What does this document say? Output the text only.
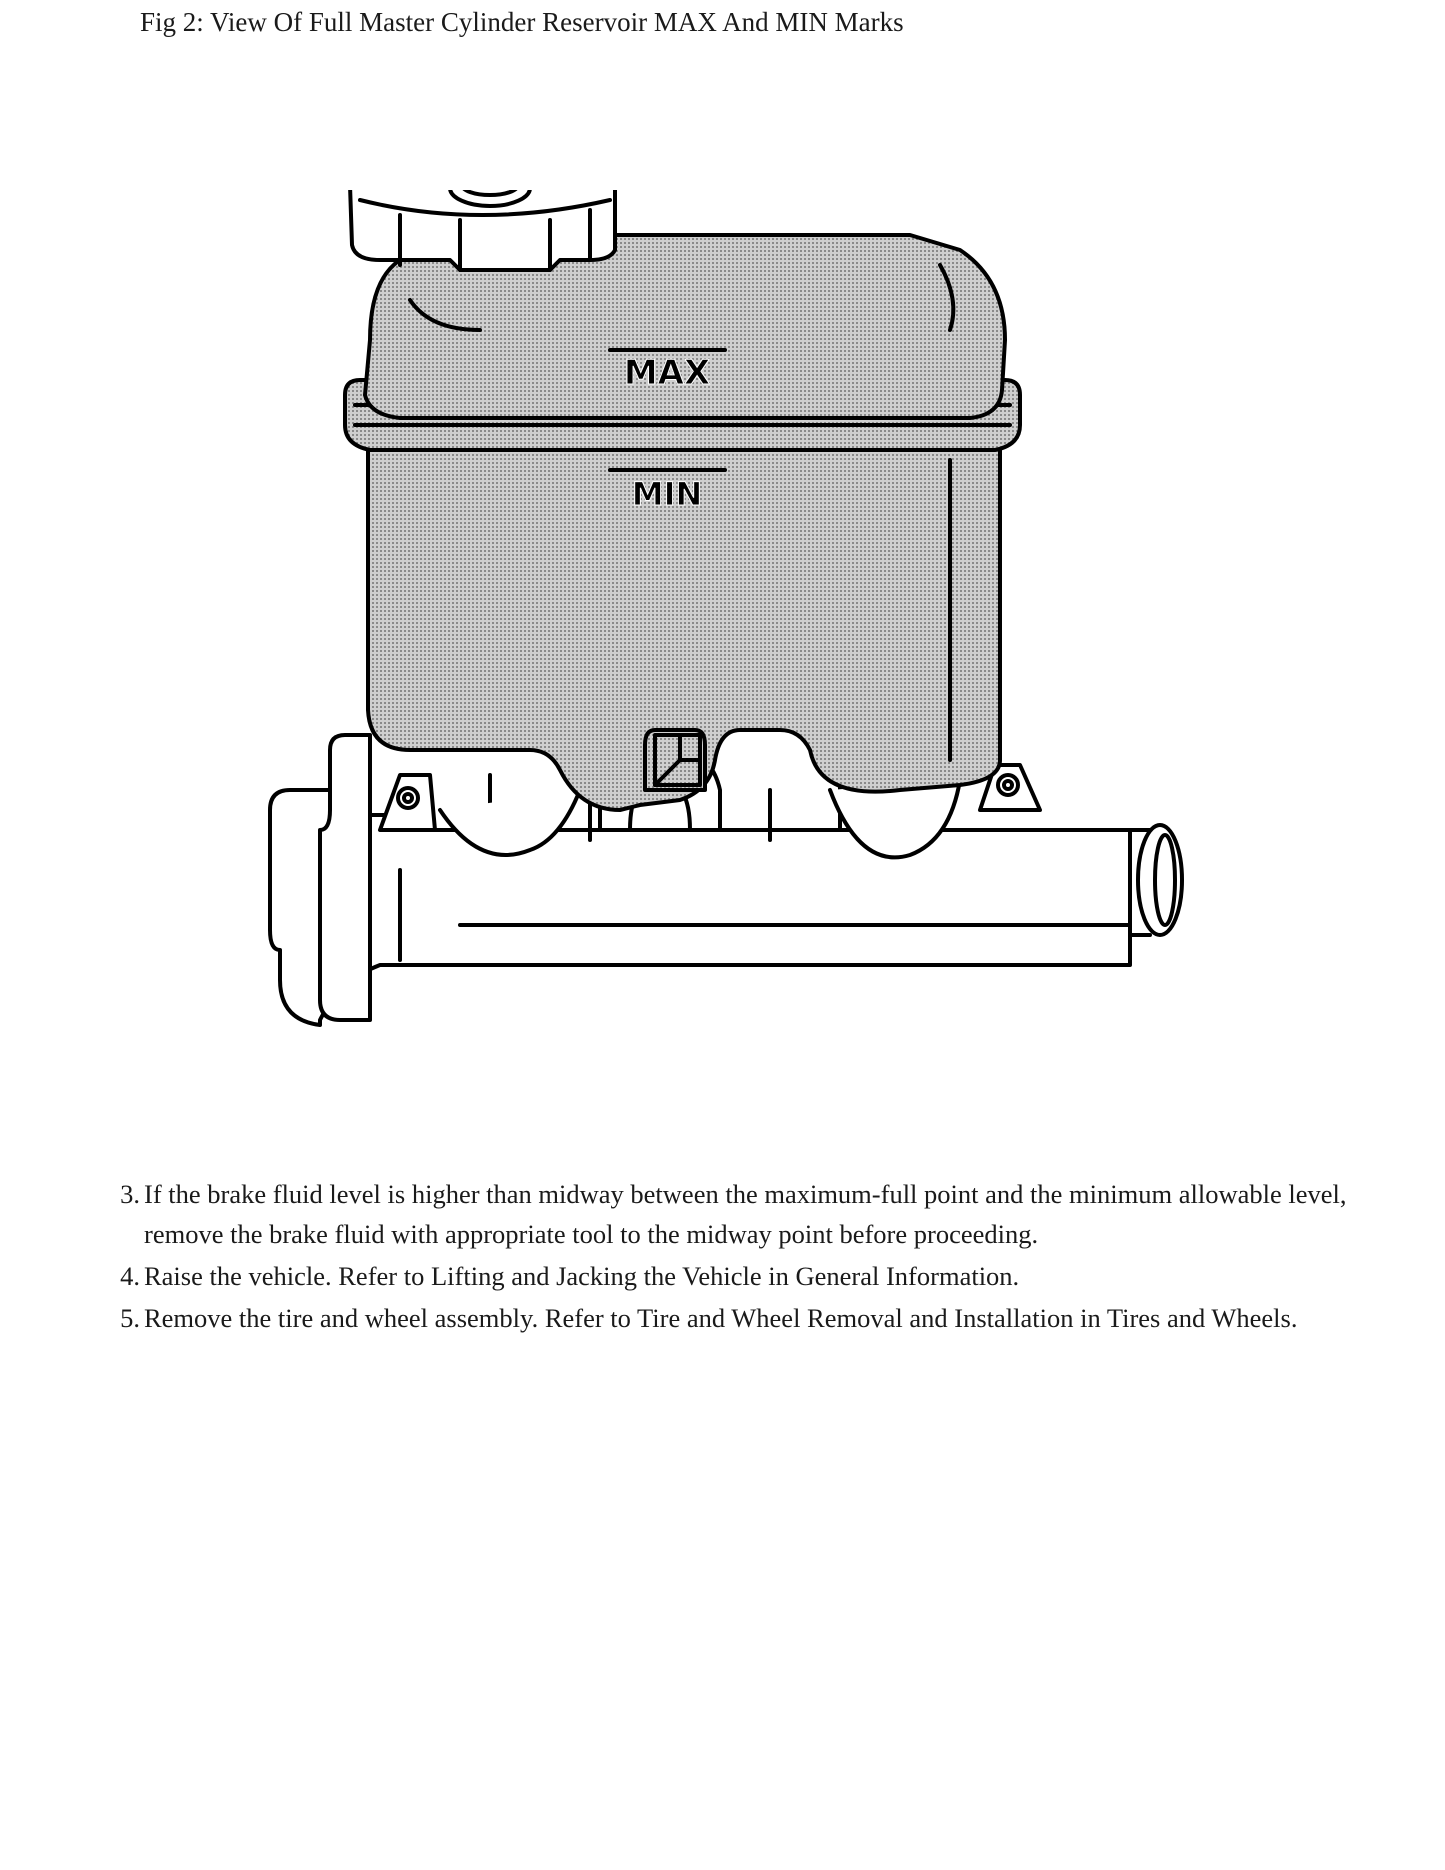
Fig 2: View Of Full Master Cylinder Reservoir MAX And MIN Marks
MAX
MIN
3. If the brake fluid level is higher than midway between the maximum-full point and the minimum allowable level, remove the brake fluid with appropriate tool to the midway point before proceeding.
4. Raise the vehicle. Refer to Lifting and Jacking the Vehicle in General Information.
5. Remove the tire and wheel assembly. Refer to Tire and Wheel Removal and Installation in Tires and Wheels.
